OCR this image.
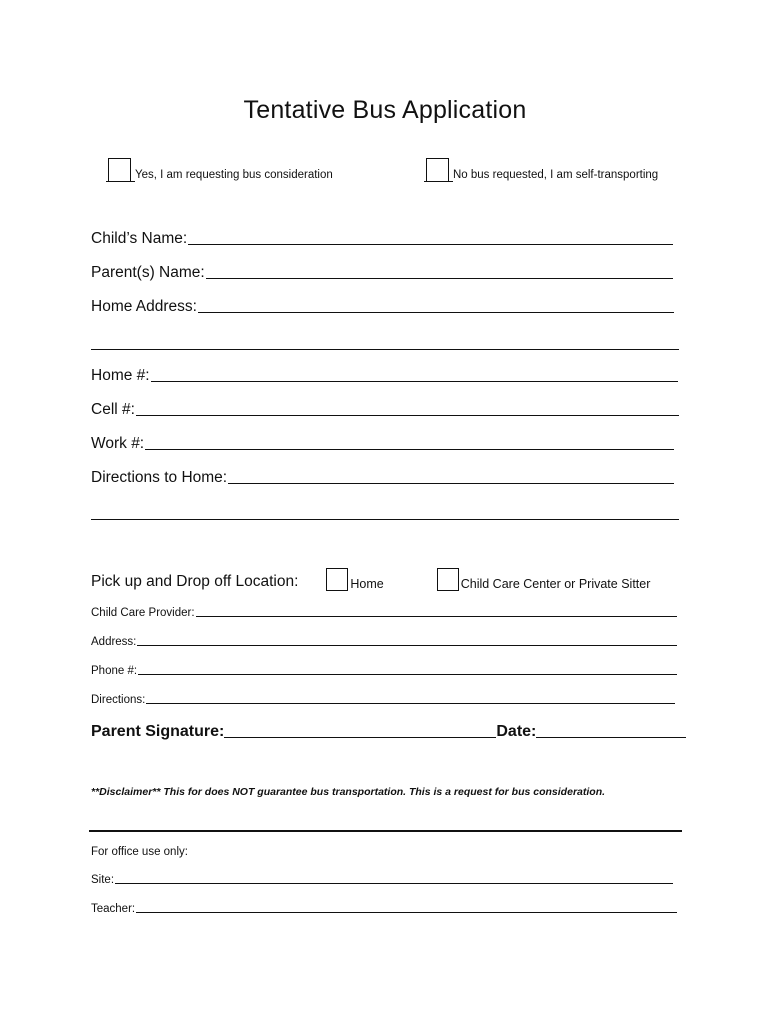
Tentative Bus Application
Yes, I am requesting bus consideration	No bus requested, I am self-transporting
Child’s Name:
Parent(s) Name:
Home Address:
Home #:
Cell #:
Work #:
Directions to Home:
Pick up and Drop off Location:	Home	Child Care Center or Private Sitter
Child Care Provider:
Address:
Phone #:
Directions:
Parent Signature:	Date:
**Disclaimer** This for does NOT guarantee bus transportation. This is a request for bus consideration.
For office use only:
Site:
Teacher:
